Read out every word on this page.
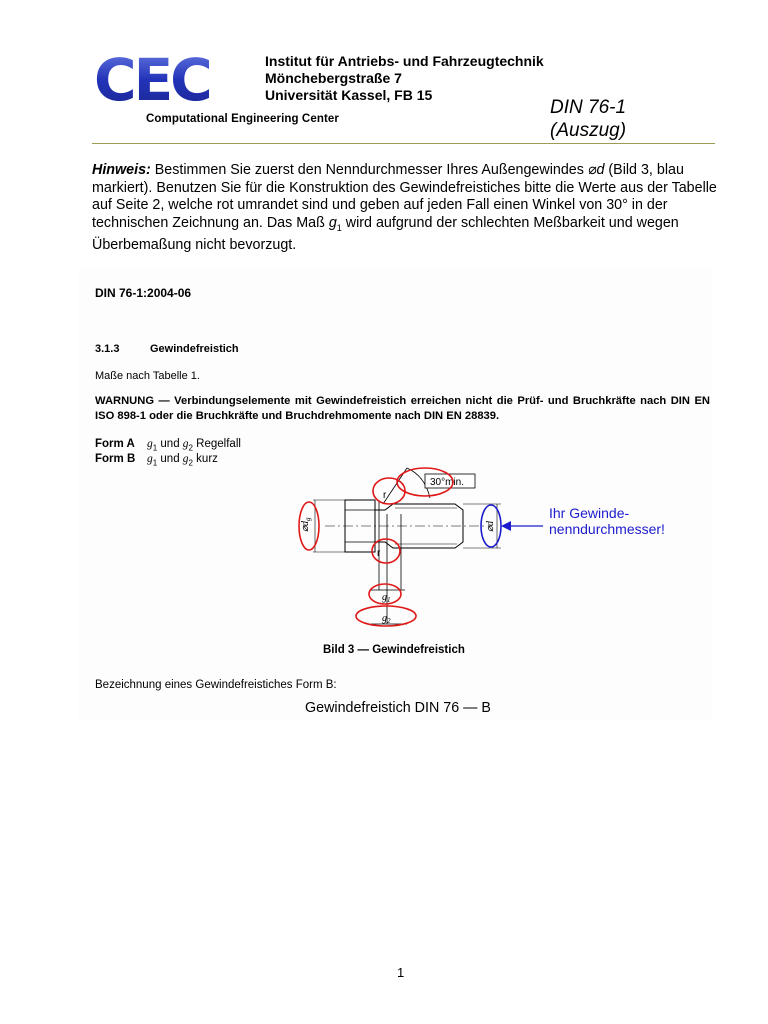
CEC
Computational Engineering Center
Institut für Antriebs- und Fahrzeugtechnik
Mönchebergstraße 7
Universität Kassel, FB 15
DIN 76-1
(Auszug)
Hinweis: Bestimmen Sie zuerst den Nenndurchmesser Ihres Außengewindes ⌀d (Bild 3, blau markiert). Benutzen Sie für die Konstruktion des Gewindefreistiches bitte die Werte aus der Tabelle auf Seite 2, welche rot umrandet sind und geben auf jeden Fall einen Winkel von 30° in der technischen Zeichnung an. Das Maß $g_1$ wird aufgrund der schlechten Meßbarkeit und wegen Überbemaßung nicht bevorzugt.
DIN 76-1:2004-06
3.1.3	Gewindefreistich
Maße nach Tabelle 1.
WARNUNG — Verbindungselemente mit Gewindefreistich erreichen nicht die Prüf- und Bruchkräfte nach DIN EN ISO 898-1 oder die Bruchkräfte und Bruchdrehmomente nach DIN EN 28839.
Form A $g_1$ und $g_2$ Regelfall
Form B $g_1$ und $g_2$ kurz
30°min.
r
r
$⌀d_g$
⌀d
$g_1$
$g_2$
Ihr Gewinde-
nenndurchmesser!
Bild 3 — Gewindefreistich
Bezeichnung eines Gewindefreistiches Form B:
Gewindefreistich DIN 76 — B
1
